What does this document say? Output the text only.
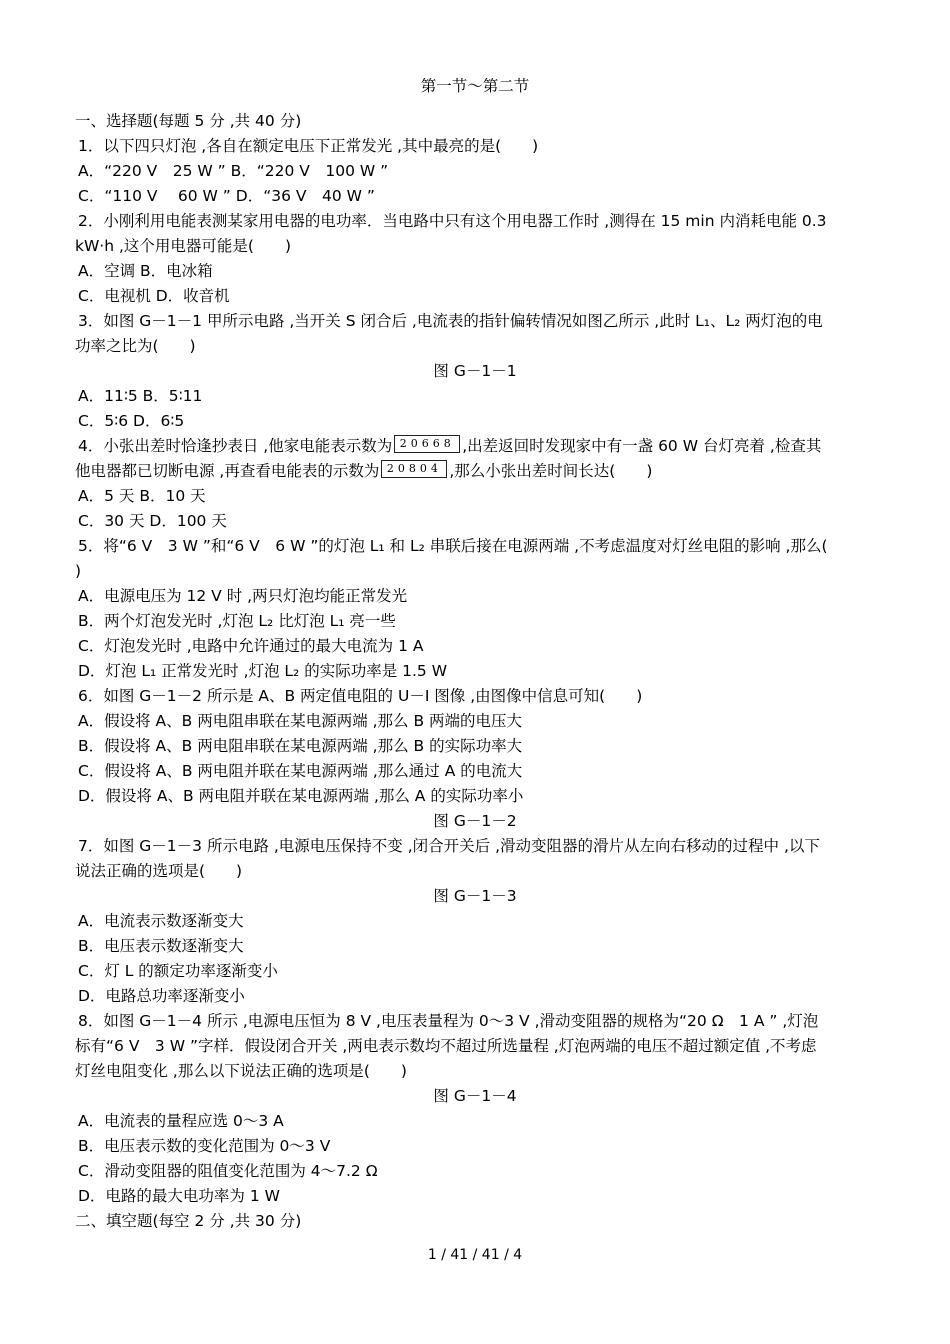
第一节～第二节
一、选择题(每题 5 分 ,共 40 分)
1．以下四只灯泡 ,各自在额定电压下正常发光 ,其中最亮的是(　　)
A．“220 V　25 W ” B．“220 V　100 W ”
C．“110 V　 60 W ” D．“36 V　40 W ”
2．小刚利用电能表测某家用电器的电功率．当电路中只有这个用电器工作时 ,测得在 15 min 内消耗电能 0.3
kW·h ,这个用电器可能是(　　)
A．空调 B．电冰箱
C．电视机 D．收音机
3．如图 G－1－1 甲所示电路 ,当开关 S 闭合后 ,电流表的指针偏转情况如图乙所示 ,此时 L₁、L₂ 两灯泡的电
功率之比为(　　)
图 G－1－1
A．11∶5 B．5∶11
C．5∶6 D．6∶5
4．小张出差时恰逢抄表日 ,他家电能表示数为 20668 ,出差返回时发现家中有一盏 60 W 台灯亮着 ,检查其
他电器都已切断电源 ,再查看电能表的示数为 20804 ,那么小张出差时间长达(　　)
A．5 天 B．10 天
C．30 天 D．100 天
5．将“6 V　3 W ”和“6 V　6 W ”的灯泡 L₁ 和 L₂ 串联后接在电源两端 ,不考虑温度对灯丝电阻的影响 ,那么(
)
A．电源电压为 12 V 时 ,两只灯泡均能正常发光
B．两个灯泡发光时 ,灯泡 L₂ 比灯泡 L₁ 亮一些
C．灯泡发光时 ,电路中允许通过的最大电流为 1 A
D．灯泡 L₁ 正常发光时 ,灯泡 L₂ 的实际功率是 1.5 W
6．如图 G－1－2 所示是 A、B 两定值电阻的 U－I 图像 ,由图像中信息可知(　　)
A．假设将 A、B 两电阻串联在某电源两端 ,那么 B 两端的电压大
B．假设将 A、B 两电阻串联在某电源两端 ,那么 B 的实际功率大
C．假设将 A、B 两电阻并联在某电源两端 ,那么通过 A 的电流大
D．假设将 A、B 两电阻并联在某电源两端 ,那么 A 的实际功率小
图 G－1－2
7．如图 G－1－3 所示电路 ,电源电压保持不变 ,闭合开关后 ,滑动变阻器的滑片从左向右移动的过程中 ,以下
说法正确的选项是(　　)
图 G－1－3
A．电流表示数逐渐变大
B．电压表示数逐渐变大
C．灯 L 的额定功率逐渐变小
D．电路总功率逐渐变小
8．如图 G－1－4 所示 ,电源电压恒为 8 V ,电压表量程为 0～3 V ,滑动变阻器的规格为“20 Ω　1 A ” ,灯泡
标有“6 V　3 W ”字样．假设闭合开关 ,两电表示数均不超过所选量程 ,灯泡两端的电压不超过额定值 ,不考虑
灯丝电阻变化 ,那么以下说法正确的选项是(　　)
图 G－1－4
A．电流表的量程应选 0～3 A
B．电压表示数的变化范围为 0～3 V
C．滑动变阻器的阻值变化范围为 4～7.2 Ω
D．电路的最大电功率为 1 W
二、填空题(每空 2 分 ,共 30 分)
1 / 41 / 41 / 4
